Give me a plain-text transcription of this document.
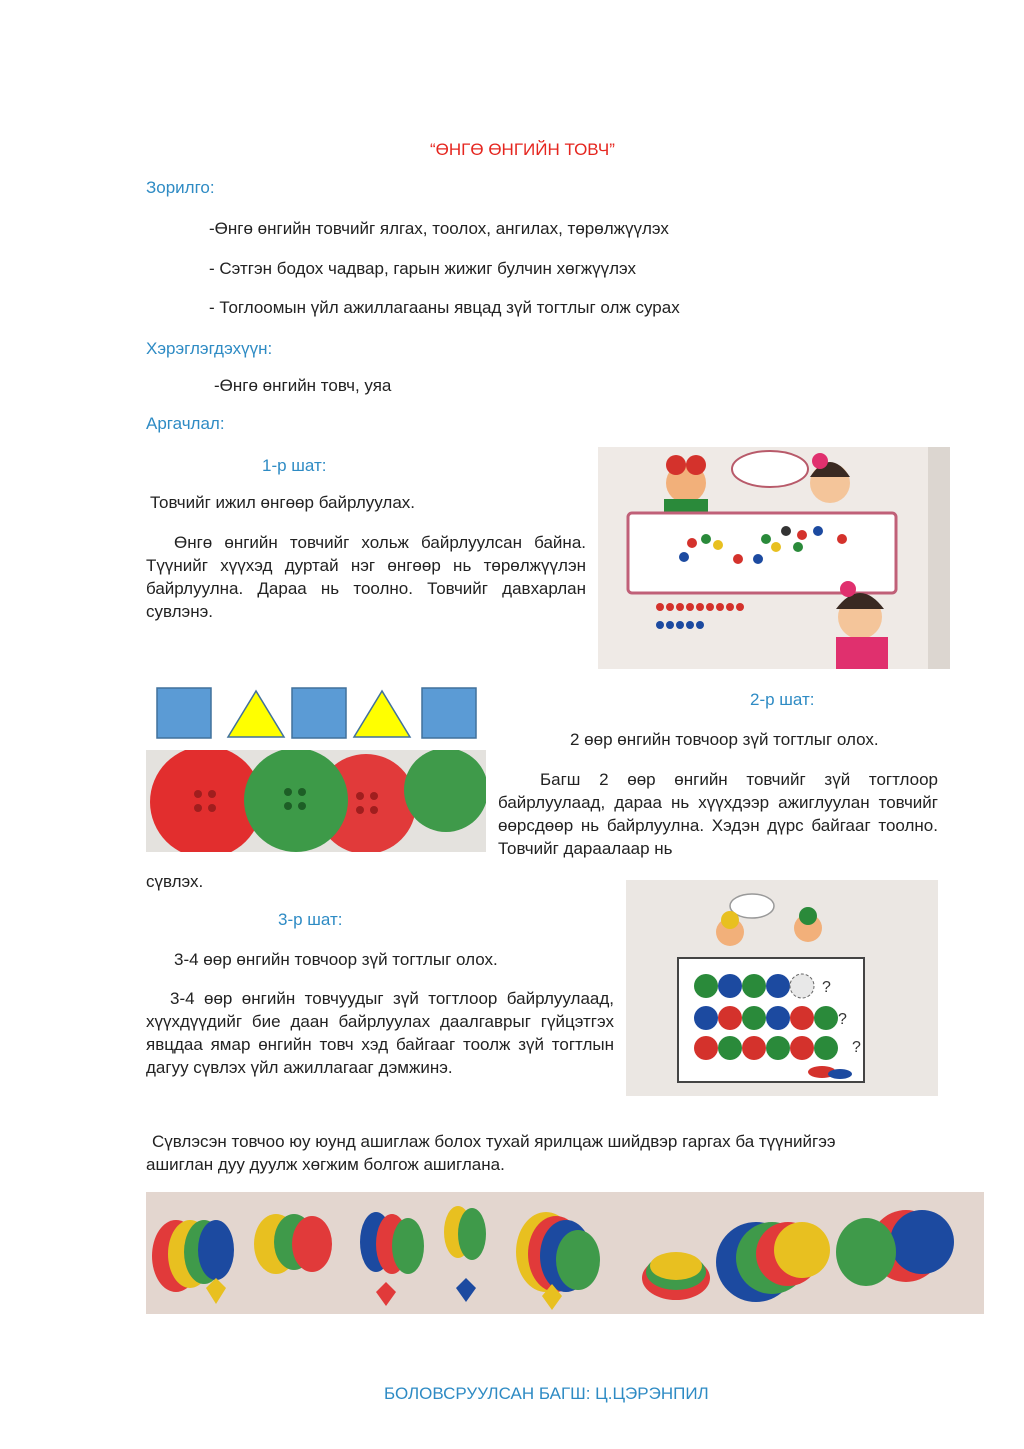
“ӨНГӨ ӨНГИЙН ТОВЧ”
Зорилго:
-Өнгө өнгийн товчийг ялгах, тоолох, ангилах, төрөлжүүлэх
- Сэтгэн бодох чадвар, гарын жижиг булчин хөгжүүлэх
- Тоглоомын үйл ажиллагааны явцад зүй тогтлыг олж сурах
Хэрэглэгдэхүүн:
-Өнгө өнгийн товч, уяа
Аргачлал:
1-р шат:
Товчийг ижил өнгөөр байрлуулах.
Өнгө өнгийн товчийг хольж байрлуулсан байна. Түүнийг хүүхэд дуртай нэг өнгөөр нь төрөлжүүлэн байрлуулна. Дараа нь тоолно. Товчийг давхарлан сувлэнэ.
2-р шат:
2 өөр өнгийн товчоор зүй тогтлыг олох.
Багш 2 өөр өнгийн товчийг зүй тогтлоор байрлуулаад, дараа нь хүүхдээр ажиглуулан товчийг өөрсдөөр нь байрлуулна. Хэдэн дүрс байгааг тоолно. Товчийг дараалаар нь
сүвлэх.
?
?
?
3-р шат:
3-4 өөр өнгийн товчоор зүй тогтлыг олох.
3-4 өөр өнгийн товчуудыг зүй тогтлоор байрлуулаад, хүүхдүүдийг бие даан байрлуулах даалгаврыг гүйцэтгэх явцдаа ямар өнгийн товч хэд байгааг тоолж зүй тогтлын дагуу сүвлэх үйл ажиллагааг дэмжинэ.
Сүвлэсэн товчоо юу юунд ашиглаж болох тухай ярилцаж шийдвэр гаргах ба түүнийгээ ашиглан дуу дуулж хөгжим болгож ашиглана.
БОЛОВСРУУЛСАН БАГШ: Ц.ЦЭРЭНПИЛ
